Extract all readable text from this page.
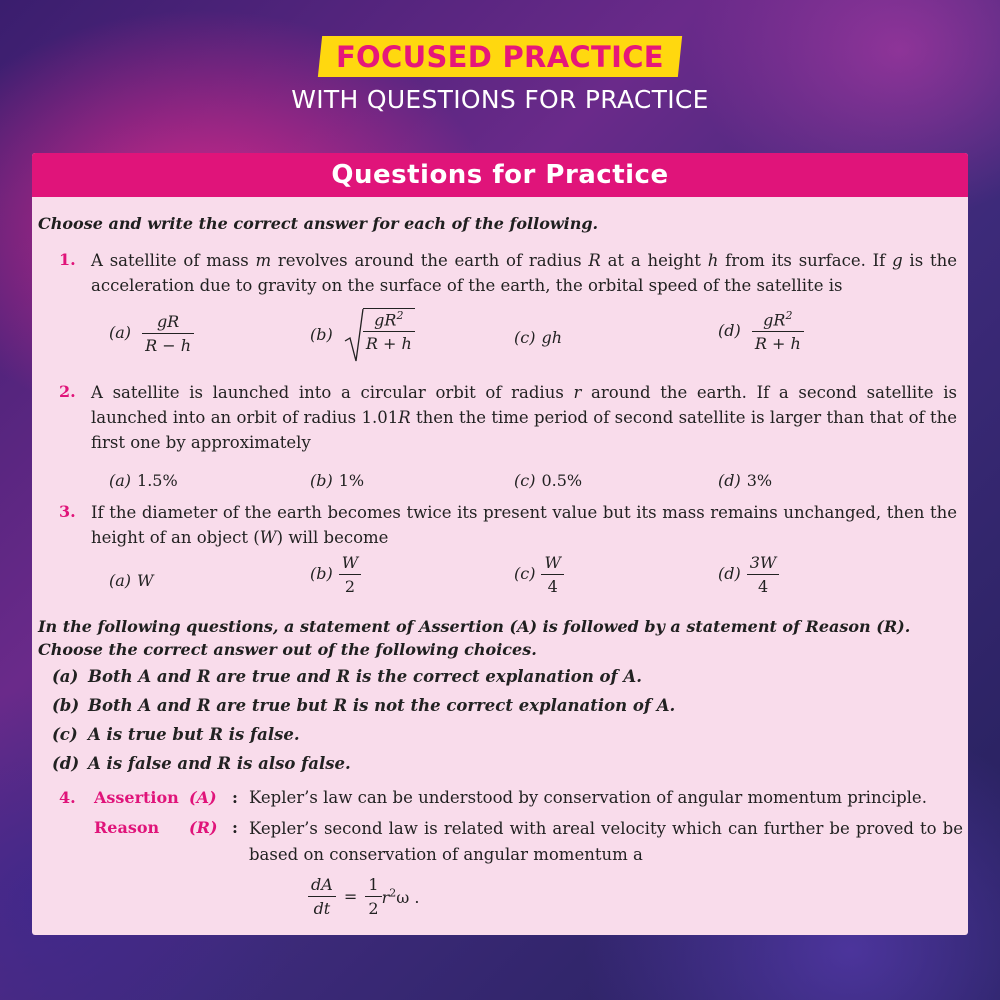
FOCUSED PRACTICE
WITH QUESTIONS FOR PRACTICE
Questions for Practice
Choose and write the correct answer for each of the following.
1. A satellite of mass m revolves around the earth of radius R at a height h from its surface. If g is the acceleration due to gravity on the surface of the earth, the orbital speed of the satellite is
$(a) \frac{gR}{R - h}$	$(b) \frac{gR^2}{R + h}$	(c) gh	$(d) \frac{gR^2}{R + h}$
2. A satellite is launched into a circular orbit of radius r around the earth. If a second satellite is launched into an orbit of radius 1.01R then the time period of second satellite is larger than that of the first one by approximately
(a) 1.5%	(b) 1%	(c) 0.5%	(d) 3%
3. If the diameter of the earth becomes twice its present value but its mass remains unchanged, then the height of an object (W) will become
(a) W	$(b) \frac{W}{2}$	$(c) \frac{W}{4}$	$(d) \frac{3W}{4}$
In the following questions, a statement of Assertion (A) is followed by a statement of Reason (R). Choose the correct answer out of the following choices.
(a) Both A and R are true and R is the correct explanation of A.
(b) Both A and R are true but R is not the correct explanation of A.
(c) A is true but R is false.
(d) A is false and R is also false.
4. Assertion (A) : Kepler’s law can be understood by conservation of angular momentum principle.
Reason (R) : Kepler’s second law is related with areal velocity which can further be proved to be based on conservation of angular momentum a
$\frac{dA}{dt} = \frac{1}{2} r^2\omega$ .
